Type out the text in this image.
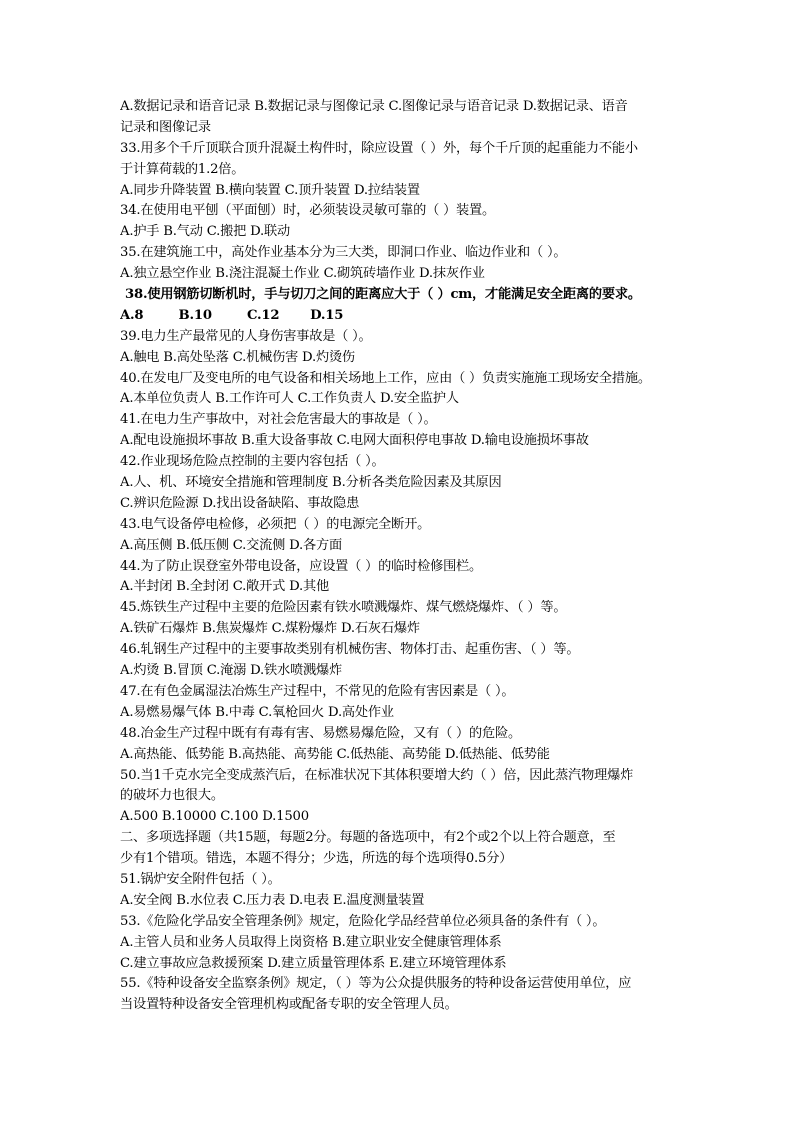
A.数据记录和语音记录 B.数据记录与图像记录 C.图像记录与语音记录 D.数据记录、语音
记录和图像记录
33.用多个千斤顶联合顶升混凝土构件时，除应设置（ ）外，每个千斤顶的起重能力不能小
于计算荷载的1.2倍。
A.同步升降装置 B.横向装置 C.顶升装置 D.拉结装置
34.在使用电平刨（平面刨）时，必须装设灵敏可靠的（ ）装置。
A.护手 B.气动 C.搬把 D.联动
35.在建筑施工中，高处作业基本分为三大类，即洞口作业、临边作业和（ ）。
A.独立悬空作业 B.浇注混凝土作业 C.砌筑砖墙作业 D.抹灰作业
38.使用钢筋切断机时，手与切刀之间的距离应大于（ ）cm，才能满足安全距离的要求。
A.8        B.10        C.12       D.15
39.电力生产最常见的人身伤害事故是（ ）。
A.触电 B.高处坠落 C.机械伤害 D.灼烫伤
40.在发电厂及变电所的电气设备和相关场地上工作，应由（ ）负责实施施工现场安全措施。
A.本单位负责人 B.工作许可人 C.工作负责人 D.安全监护人
41.在电力生产事故中，对社会危害最大的事故是（ ）。
A.配电设施损坏事故 B.重大设备事故 C.电网大面积停电事故 D.输电设施损坏事故
42.作业现场危险点控制的主要内容包括（ ）。
A.人、机、环境安全措施和管理制度 B.分析各类危险因素及其原因
C.辨识危险源 D.找出设备缺陷、事故隐患
43.电气设备停电检修，必须把（ ）的电源完全断开。
A.高压侧 B.低压侧 C.交流侧 D.各方面
44.为了防止误登室外带电设备，应设置（ ）的临时检修围栏。
A.半封闭 B.全封闭 C.敞开式 D.其他
45.炼铁生产过程中主要的危险因素有铁水喷溅爆炸、煤气燃烧爆炸、（ ）等。
A.铁矿石爆炸 B.焦炭爆炸 C.煤粉爆炸 D.石灰石爆炸
46.轧钢生产过程中的主要事故类别有机械伤害、物体打击、起重伤害、（ ）等。
A.灼烫 B.冒顶 C.淹溺 D.铁水喷溅爆炸
47.在有色金属湿法冶炼生产过程中，不常见的危险有害因素是（ ）。
A.易燃易爆气体 B.中毒 C.氧枪回火 D.高处作业
48.冶金生产过程中既有有毒有害、易燃易爆危险，又有（ ）的危险。
A.高热能、低势能 B.高热能、高势能 C.低热能、高势能 D.低热能、低势能
50.当1千克水完全变成蒸汽后，在标准状况下其体积要增大约（ ）倍，因此蒸汽物理爆炸
的破坏力也很大。
A.500 B.10000 C.100 D.1500
二、多项选择题（共15题，每题2分。每题的备选项中，有2个或2个以上符合题意，至
少有1个错项。错选，本题不得分；少选，所选的每个选项得0.5分）
51.锅炉安全附件包括（ ）。
A.安全阀 B.水位表 C.压力表 D.电表 E.温度测量装置
53.《危险化学品安全管理条例》规定，危险化学品经营单位必须具备的条件有（ ）。
A.主管人员和业务人员取得上岗资格 B.建立职业安全健康管理体系
C.建立事故应急救援预案 D.建立质量管理体系 E.建立环境管理体系
55.《特种设备安全监察条例》规定，（ ）等为公众提供服务的特种设备运营使用单位，应
当设置特种设备安全管理机构或配备专职的安全管理人员。
